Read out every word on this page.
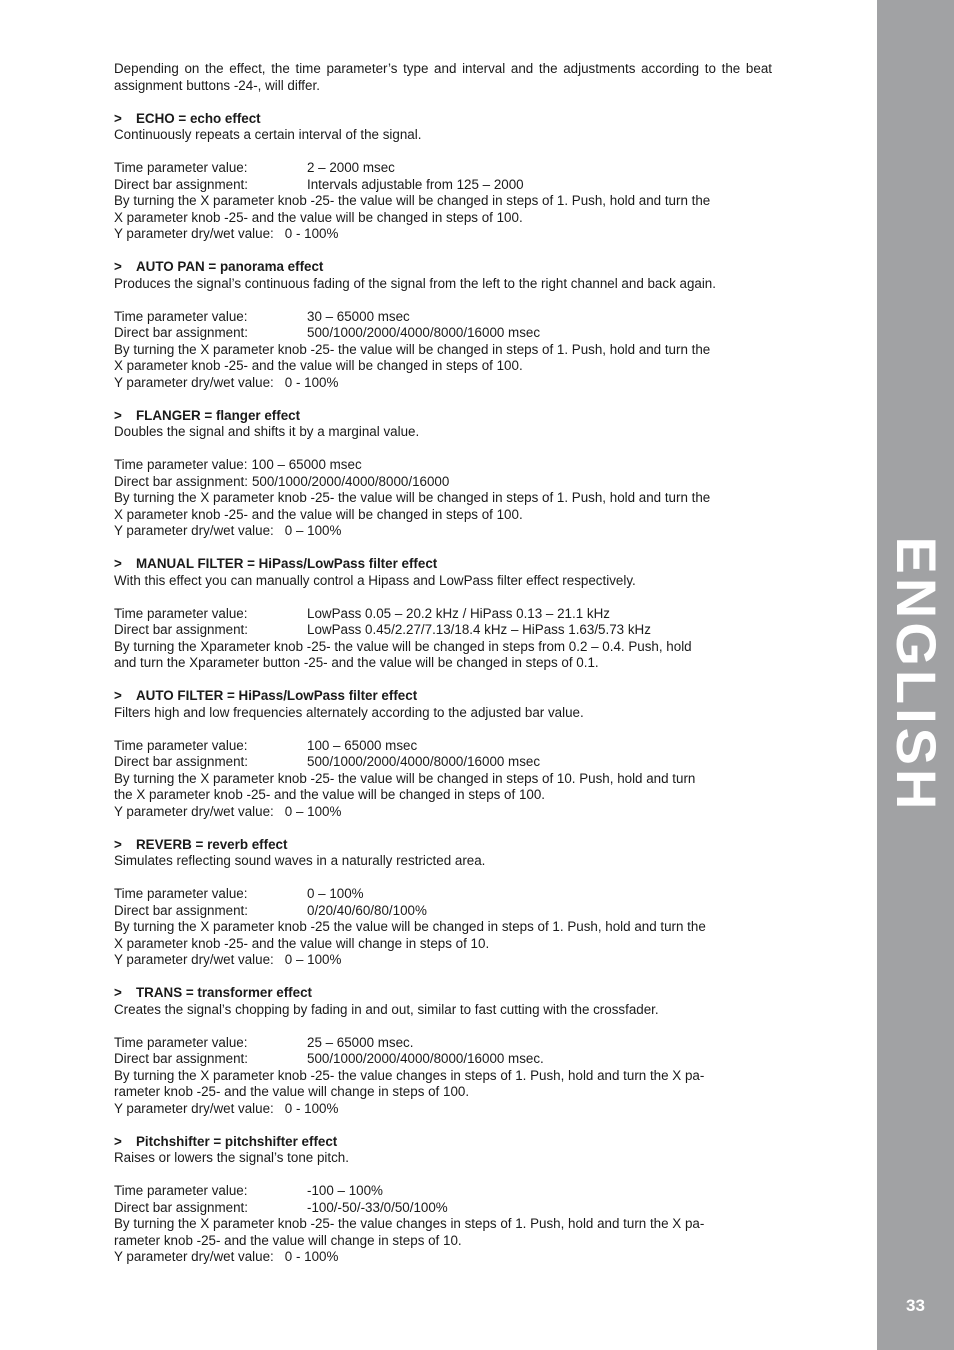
Depending on the effect, the time parameter’s type and interval and the adjustments according to the beat assignment buttons -24-, will differ.

> ECHO = echo effect

Continuously repeats a certain interval of the signal.

Time parameter value:	2 – 2000 msec

Direct bar assignment:	Intervals adjustable from 125 – 2000

By turning the X parameter knob -25- the value will be changed in steps of 1. Push, hold and turn the

X parameter knob -25- and the value will be changed in steps of 100.

Y parameter dry/wet value: 0 - 100%

> AUTO PAN = panorama effect

Produces the signal’s continuous fading of the signal from the left to the right channel and back again.

Time parameter value:	30 – 65000 msec

Direct bar assignment:	500/1000/2000/4000/8000/16000 msec

By turning the X parameter knob -25- the value will be changed in steps of 1. Push, hold and turn the

X parameter knob -25- and the value will be changed in steps of 100.

Y parameter dry/wet value: 0 - 100%

> FLANGER = flanger effect

Doubles the signal and shifts it by a marginal value.

Time parameter value: 100 – 65000 msec

Direct bar assignment: 500/1000/2000/4000/8000/16000

By turning the X parameter knob -25- the value will be changed in steps of 1. Push, hold and turn the

X parameter knob -25- and the value will be changed in steps of 100.

Y parameter dry/wet value: 0 – 100%

> MANUAL FILTER = HiPass/LowPass filter effect

With this effect you can manually control a Hipass and LowPass filter effect respectively.

Time parameter value:	LowPass 0.05 – 20.2 kHz / HiPass 0.13 – 21.1 kHz

Direct bar assignment:	LowPass 0.45/2.27/7.13/18.4 kHz – HiPass 1.63/5.73 kHz

By turning the Xparameter knob -25- the value will be changed in steps from 0.2 – 0.4. Push, hold

and turn the Xparameter button -25- and the value will be changed in steps of 0.1.

> AUTO FILTER = HiPass/LowPass filter effect

Filters high and low frequencies alternately according to the adjusted bar value.

Time parameter value:	100 – 65000 msec

Direct bar assignment:	500/1000/2000/4000/8000/16000 msec

By turning the X parameter knob -25- the value will be changed in steps of 10. Push, hold and turn

the X parameter knob -25- and the value will be changed in steps of 100.

Y parameter dry/wet value: 0 – 100%

> REVERB = reverb effect

Simulates reflecting sound waves in a naturally restricted area.

Time parameter value:	0 – 100%

Direct bar assignment:	0/20/40/60/80/100%

By turning the X parameter knob -25 the value will be changed in steps of 1. Push, hold and turn the

X parameter knob -25- and the value will change in steps of 10.

Y parameter dry/wet value: 0 – 100%

> TRANS = transformer effect

Creates the signal’s chopping by fading in and out, similar to fast cutting with the crossfader.

Time parameter value:	25 – 65000 msec.

Direct bar assignment:	500/1000/2000/4000/8000/16000 msec.

By turning the X parameter knob -25- the value changes in steps of 1. Push, hold and turn the X pa-

rameter knob -25- and the value will change in steps of 100.

Y parameter dry/wet value: 0 - 100%

> Pitchshifter = pitchshifter effect

Raises or lowers the signal’s tone pitch.

Time parameter value:	-100 – 100%

Direct bar assignment:	-100/-50/-33/0/50/100%

By turning the X parameter knob -25- the value changes in steps of 1. Push, hold and turn the X pa-

rameter knob -25- and the value will change in steps of 10.

Y parameter dry/wet value: 0 - 100%

ENGLISH
33
